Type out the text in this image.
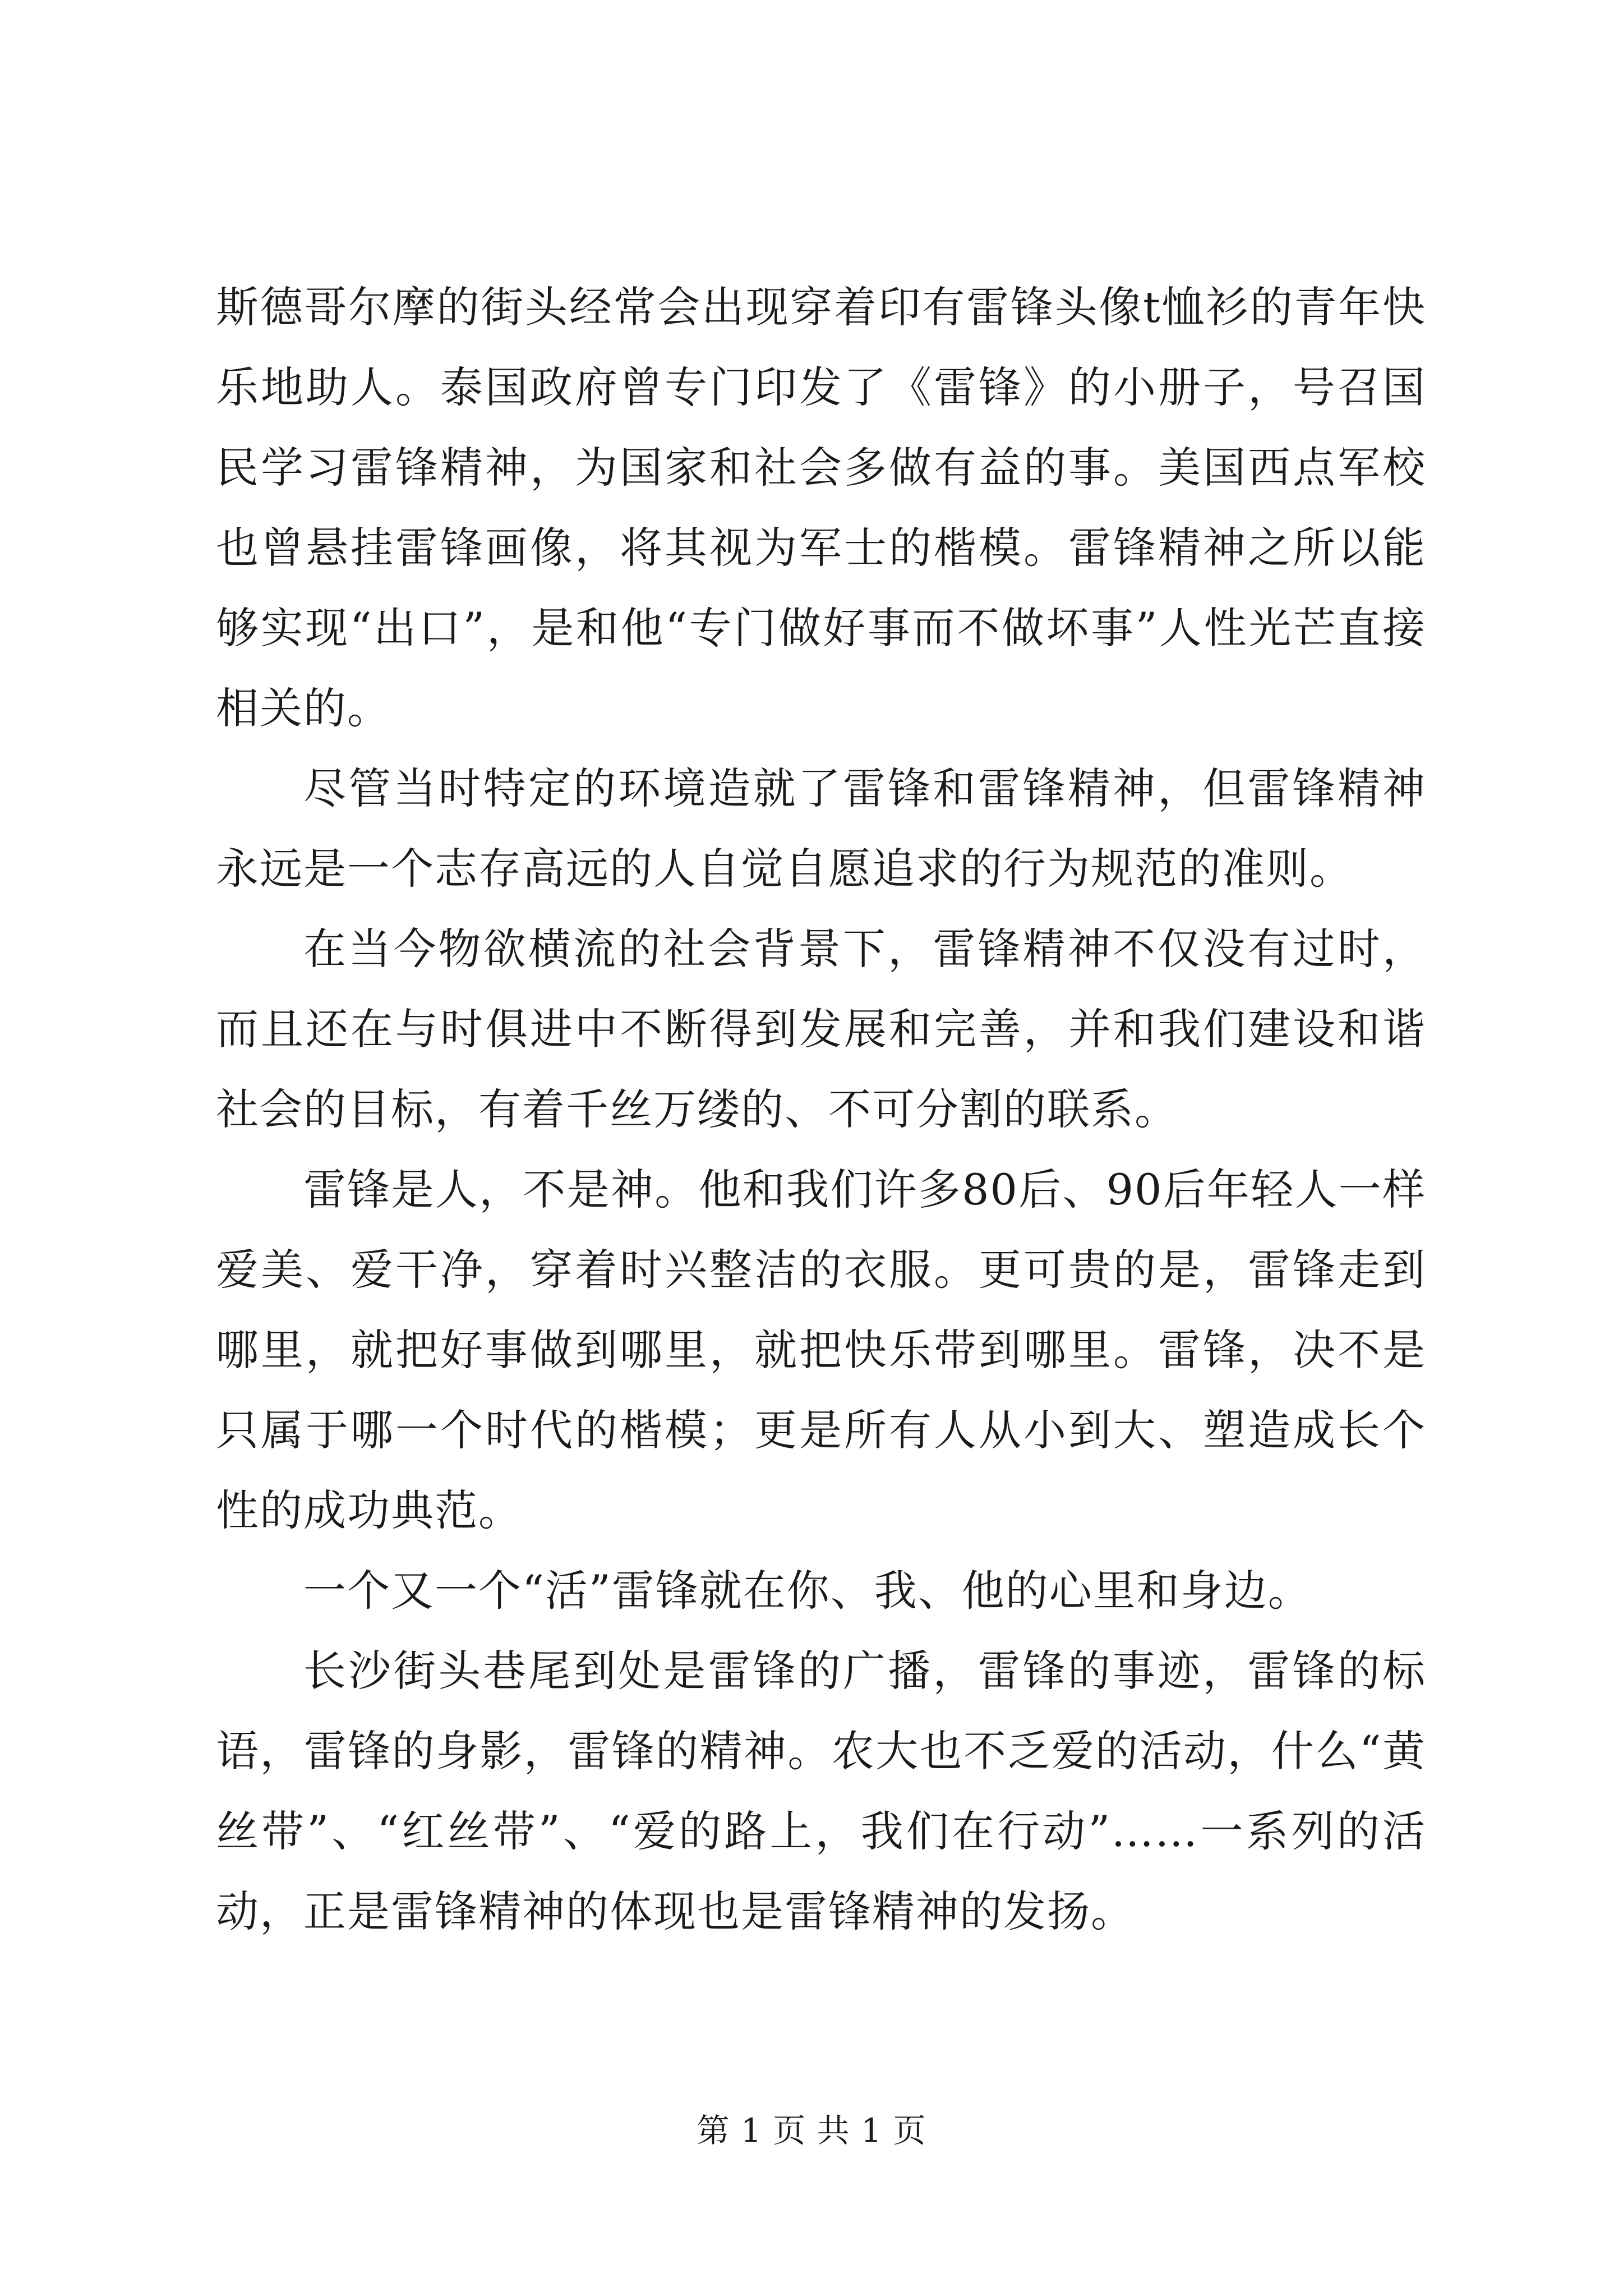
斯德哥尔摩的街头经常会出现穿着印有雷锋头像t恤衫的青年快乐地助人。泰国政府曾专门印发了《雷锋》的小册子，号召国民学习雷锋精神，为国家和社会多做有益的事。美国西点军校也曾悬挂雷锋画像，将其视为军士的楷模。雷锋精神之所以能够实现“出口”，是和他“专门做好事而不做坏事”人性光芒直接相关的。

尽管当时特定的环境造就了雷锋和雷锋精神，但雷锋精神永远是一个志存高远的人自觉自愿追求的行为规范的准则。

在当今物欲横流的社会背景下，雷锋精神不仅没有过时，而且还在与时俱进中不断得到发展和完善，并和我们建设和谐社会的目标，有着千丝万缕的、不可分割的联系。

雷锋是人，不是神。他和我们许多80后、90后年轻人一样爱美、爱干净，穿着时兴整洁的衣服。更可贵的是，雷锋走到哪里，就把好事做到哪里，就把快乐带到哪里。雷锋，决不是只属于哪一个时代的楷模；更是所有人从小到大、塑造成长个性的成功典范。

一个又一个“活”雷锋就在你、我、他的心里和身边。

长沙街头巷尾到处是雷锋的广播，雷锋的事迹，雷锋的标语，雷锋的身影，雷锋的精神。农大也不乏爱的活动，什么“黄丝带”、“红丝带”、“爱的路上，我们在行动”……一系列的活动，正是雷锋精神的体现也是雷锋精神的发扬。

第 1 页 共 1 页
